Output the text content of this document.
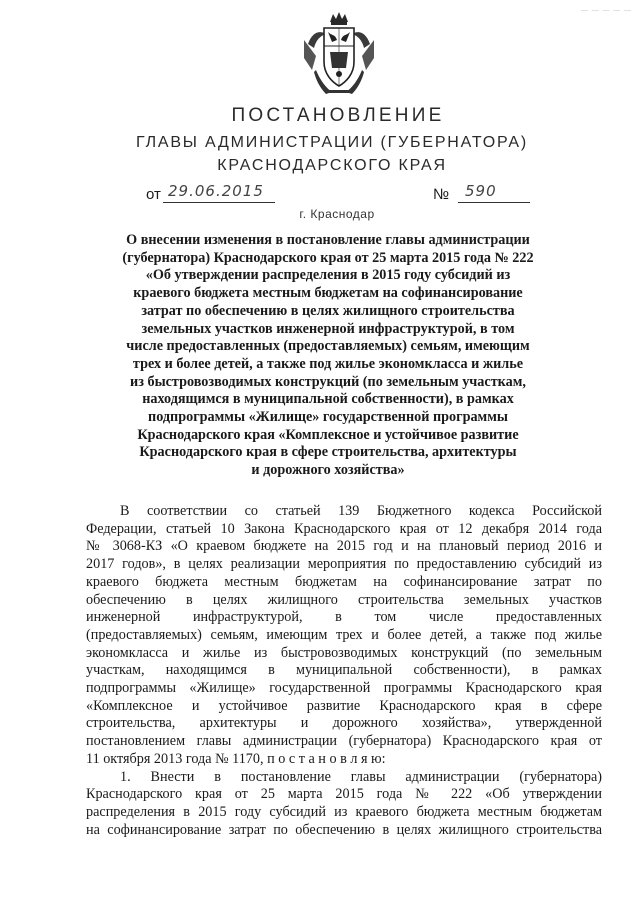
— — — — —
ПОСТАНОВЛЕНИЕ
ГЛАВЫ АДМИНИСТРАЦИИ (ГУБЕРНАТОРА)
КРАСНОДАРСКОГО КРАЯ
от 29.06.2015	№ 590
г. Краснодар
О внесении изменения в постановление главы администрации
(губернатора) Краснодарского края от 25 марта 2015 года № 222
«Об утверждении распределения в 2015 году субсидий из
краевого бюджета местным бюджетам на софинансирование
затрат по обеспечению в целях жилищного строительства
земельных участков инженерной инфраструктурой, в том
числе предоставленных (предоставляемых) семьям, имеющим
трех и более детей, а также под жилье экономкласса и жилье
из быстровозводимых конструкций (по земельным участкам,
находящимся в муниципальной собственности), в рамках
подпрограммы «Жилище» государственной программы
Краснодарского края «Комплексное и устойчивое развитие
Краснодарского края в сфере строительства, архитектуры
и дорожного хозяйства»
В соответствии со статьей 139 Бюджетного кодекса Российской
Федерации, статьей 10 Закона Краснодарского края от 12 декабря 2014 года
№ 3068-КЗ «О краевом бюджете на 2015 год и на плановый период 2016 и
2017 годов», в целях реализации мероприятия по предоставлению субсидий из
краевого бюджета местным бюджетам на софинансирование затрат по
обеспечению в целях жилищного строительства земельных участков
инженерной инфраструктурой, в том числе предоставленных
(предоставляемых) семьям, имеющим трех и более детей, а также под жилье
экономкласса и жилье из быстровозводимых конструкций (по земельным
участкам, находящимся в муниципальной собственности), в рамках
подпрограммы «Жилище» государственной программы Краснодарского края
«Комплексное и устойчивое развитие Краснодарского края в сфере
строительства, архитектуры и дорожного хозяйства», утвержденной
постановлением главы администрации (губернатора) Краснодарского края от
11 октября 2013 года № 1170, п о с т а н о в л я ю:
1. Внести в постановление главы администрации (губернатора)
Краснодарского края от 25 марта 2015 года № 222 «Об утверждении
распределения в 2015 году субсидий из краевого бюджета местным бюджетам
на софинансирование затрат по обеспечению в целях жилищного строительства
